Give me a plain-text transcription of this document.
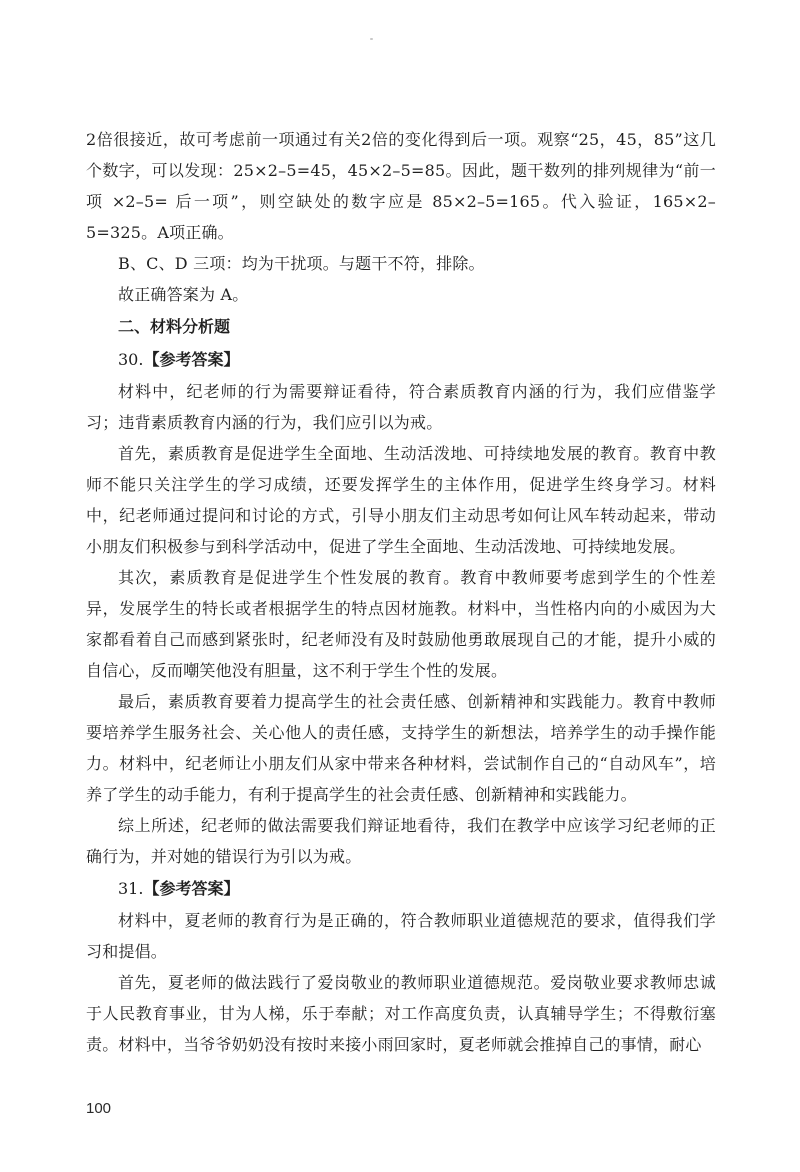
2倍很接近，故可考虑前一项通过有关2倍的变化得到后一项。观察“25，45，85”这几个数字，可以发现：25×2–5=45，45×2–5=85。因此，题干数列的排列规律为“前一项 ×2–5= 后一项”，则空缺处的数字应是 85×2–5=165。代入验证，165×2–5=325。A项正确。

B、C、D 三项：均为干扰项。与题干不符，排除。

故正确答案为 A。

二、材料分析题

30.【参考答案】

材料中，纪老师的行为需要辩证看待，符合素质教育内涵的行为，我们应借鉴学习；违背素质教育内涵的行为，我们应引以为戒。

首先，素质教育是促进学生全面地、生动活泼地、可持续地发展的教育。教育中教师不能只关注学生的学习成绩，还要发挥学生的主体作用，促进学生终身学习。材料中，纪老师通过提问和讨论的方式，引导小朋友们主动思考如何让风车转动起来，带动小朋友们积极参与到科学活动中，促进了学生全面地、生动活泼地、可持续地发展。

其次，素质教育是促进学生个性发展的教育。教育中教师要考虑到学生的个性差异，发展学生的特长或者根据学生的特点因材施教。材料中，当性格内向的小威因为大家都看着自己而感到紧张时，纪老师没有及时鼓励他勇敢展现自己的才能，提升小威的自信心，反而嘲笑他没有胆量，这不利于学生个性的发展。

最后，素质教育要着力提高学生的社会责任感、创新精神和实践能力。教育中教师要培养学生服务社会、关心他人的责任感，支持学生的新想法，培养学生的动手操作能力。材料中，纪老师让小朋友们从家中带来各种材料，尝试制作自己的“自动风车”，培养了学生的动手能力，有利于提高学生的社会责任感、创新精神和实践能力。

综上所述，纪老师的做法需要我们辩证地看待，我们在教学中应该学习纪老师的正确行为，并对她的错误行为引以为戒。

31.【参考答案】

材料中，夏老师的教育行为是正确的，符合教师职业道德规范的要求，值得我们学习和提倡。

首先，夏老师的做法践行了爱岗敬业的教师职业道德规范。爱岗敬业要求教师忠诚于人民教育事业，甘为人梯，乐于奉献；对工作高度负责，认真辅导学生；不得敷衍塞责。材料中，当爷爷奶奶没有按时来接小雨回家时，夏老师就会推掉自己的事情，耐心

100
